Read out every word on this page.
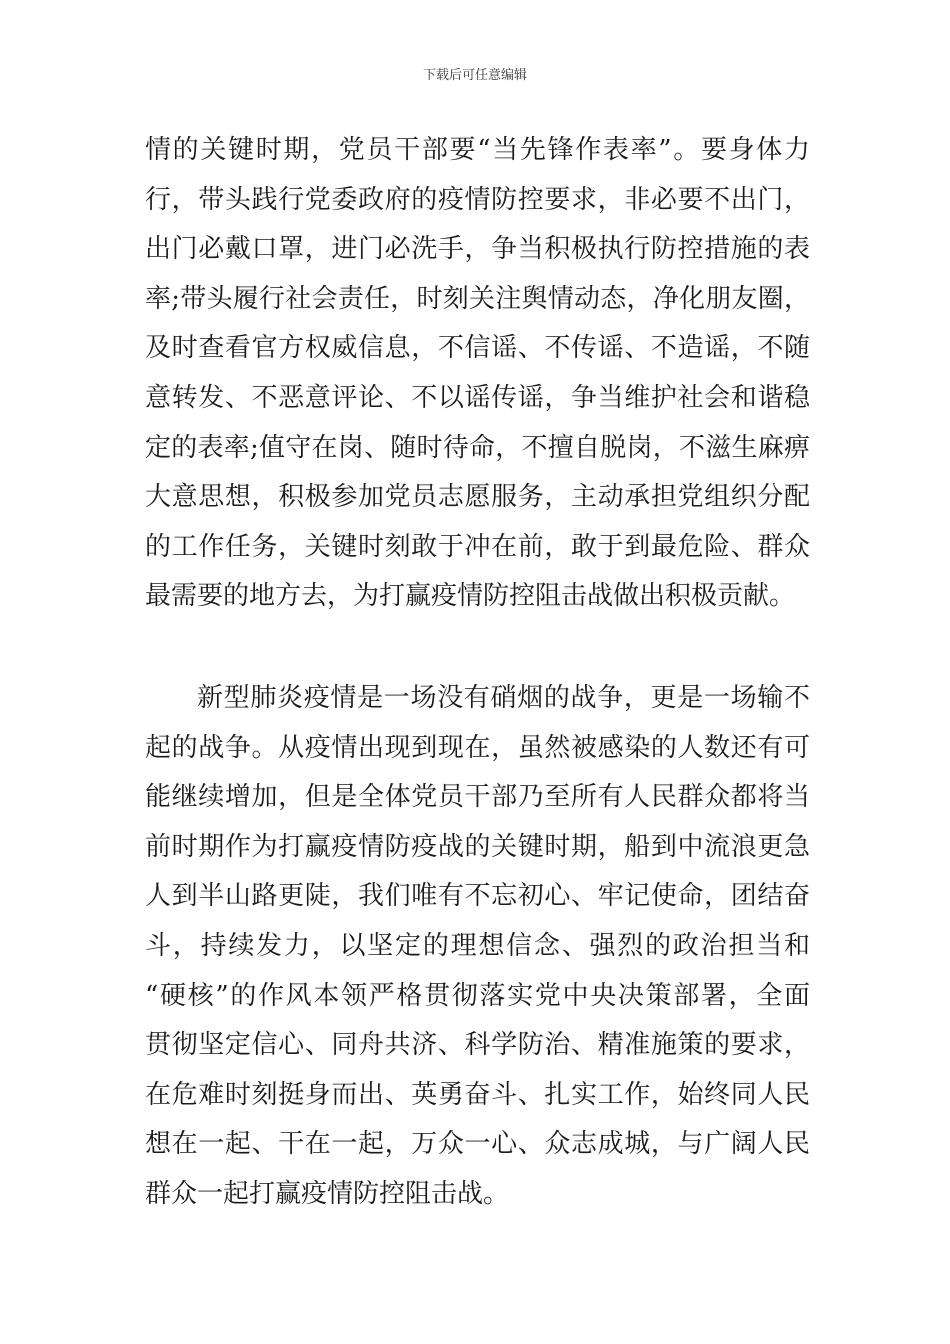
下载后可任意编辑
情的关键时期，党员干部要“当先锋作表率”。要身体力
行，带头践行党委政府的疫情防控要求，非必要不出门，
出门必戴口罩，进门必洗手，争当积极执行防控措施的表
率;带头履行社会责任，时刻关注舆情动态，净化朋友圈，
及时查看官方权威信息，不信谣、不传谣、不造谣，不随
意转发、不恶意评论、不以谣传谣，争当维护社会和谐稳
定的表率;值守在岗、随时待命，不擅自脱岗，不滋生麻痹
大意思想，积极参加党员志愿服务，主动承担党组织分配
的工作任务，关键时刻敢于冲在前，敢于到最危险、群众
最需要的地方去，为打赢疫情防控阻击战做出积极贡献。
新型肺炎疫情是一场没有硝烟的战争，更是一场输不
起的战争。从疫情出现到现在，虽然被感染的人数还有可
能继续增加，但是全体党员干部乃至所有人民群众都将当
前时期作为打赢疫情防疫战的关键时期，船到中流浪更急
人到半山路更陡，我们唯有不忘初心、牢记使命，团结奋
斗，持续发力，以坚定的理想信念、强烈的政治担当和
“硬核”的作风本领严格贯彻落实党中央决策部署，全面
贯彻坚定信心、同舟共济、科学防治、精准施策的要求，
在危难时刻挺身而出、英勇奋斗、扎实工作，始终同人民
想在一起、干在一起，万众一心、众志成城，与广阔人民
群众一起打赢疫情防控阻击战。
